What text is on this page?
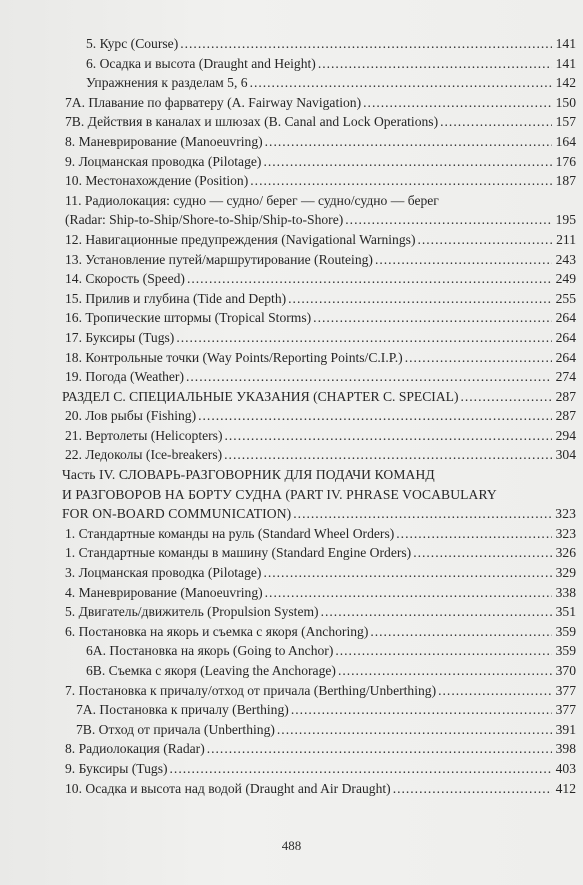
5. Курс (Course) .....	141
6. Осадка и высота (Draught and Height) .....	141
Упражнения к разделам 5, 6 .....	142
7А. Плавание по фарватеру (A. Fairway Navigation) .....	150
7В. Действия в каналах и шлюзах (B. Canal and Lock Operations) .....	157
8. Маневрирование (Manoeuvring) .....	164
9. Лоцманская проводка (Pilotage) .....	176
10. Местонахождение (Position) .....	187
11. Радиолокация: судно — судно/ берег — судно/судно — берег
(Radar: Ship-to-Ship/Shore-to-Ship/Ship-to-Shore) .....	195
12. Навигационные предупреждения (Navigational Warnings) .....	211
13. Установление путей/маршрутирование (Routeing) .....	243
14. Скорость (Speed) .....	249
15. Прилив и глубина (Tide and Depth) .....	255
16. Тропические штормы (Tropical Storms) .....	264
17. Буксиры (Tugs) .....	264
18. Контрольные точки (Way Points/Reporting Points/C.I.P.) .....	264
19. Погода (Weather) .....	274
РАЗДЕЛ С. СПЕЦИАЛЬНЫЕ УКАЗАНИЯ (CHAPTER C. SPECIAL) .....	287
20. Лов рыбы (Fishing) .....	287
21. Вертолеты (Helicopters) .....	294
22. Ледоколы (Ice-breakers) .....	304
Часть IV. СЛОВАРЬ-РАЗГОВОРНИК ДЛЯ ПОДАЧИ КОМАНД
И РАЗГОВОРОВ НА БОРТУ СУДНА (PART IV. PHRASE VOCABULARY
FOR ON-BOARD COMMUNICATION) .....	323
1. Стандартные команды на руль (Standard Wheel Orders) .....	323
1. Стандартные команды в машину (Standard Engine Orders) .....	326
3. Лоцманская проводка (Pilotage) .....	329
4. Маневрирование (Manoeuvring) .....	338
5. Двигатель/движитель (Propulsion System) .....	351
6. Постановка на якорь и съемка с якоря (Anchoring) .....	359
6А. Постановка на якорь (Going to Anchor) .....	359
6В. Съемка с якоря (Leaving the Anchorage) .....	370
7. Постановка к причалу/отход от причала (Berthing/Unberthing) .....	377
7А. Постановка к причалу (Berthing) .....	377
7В. Отход от причала (Unberthing) .....	391
8. Радиолокация (Radar) .....	398
9. Буксиры (Tugs) .....	403
10. Осадка и высота над водой (Draught and Air Draught) .....	412
488
